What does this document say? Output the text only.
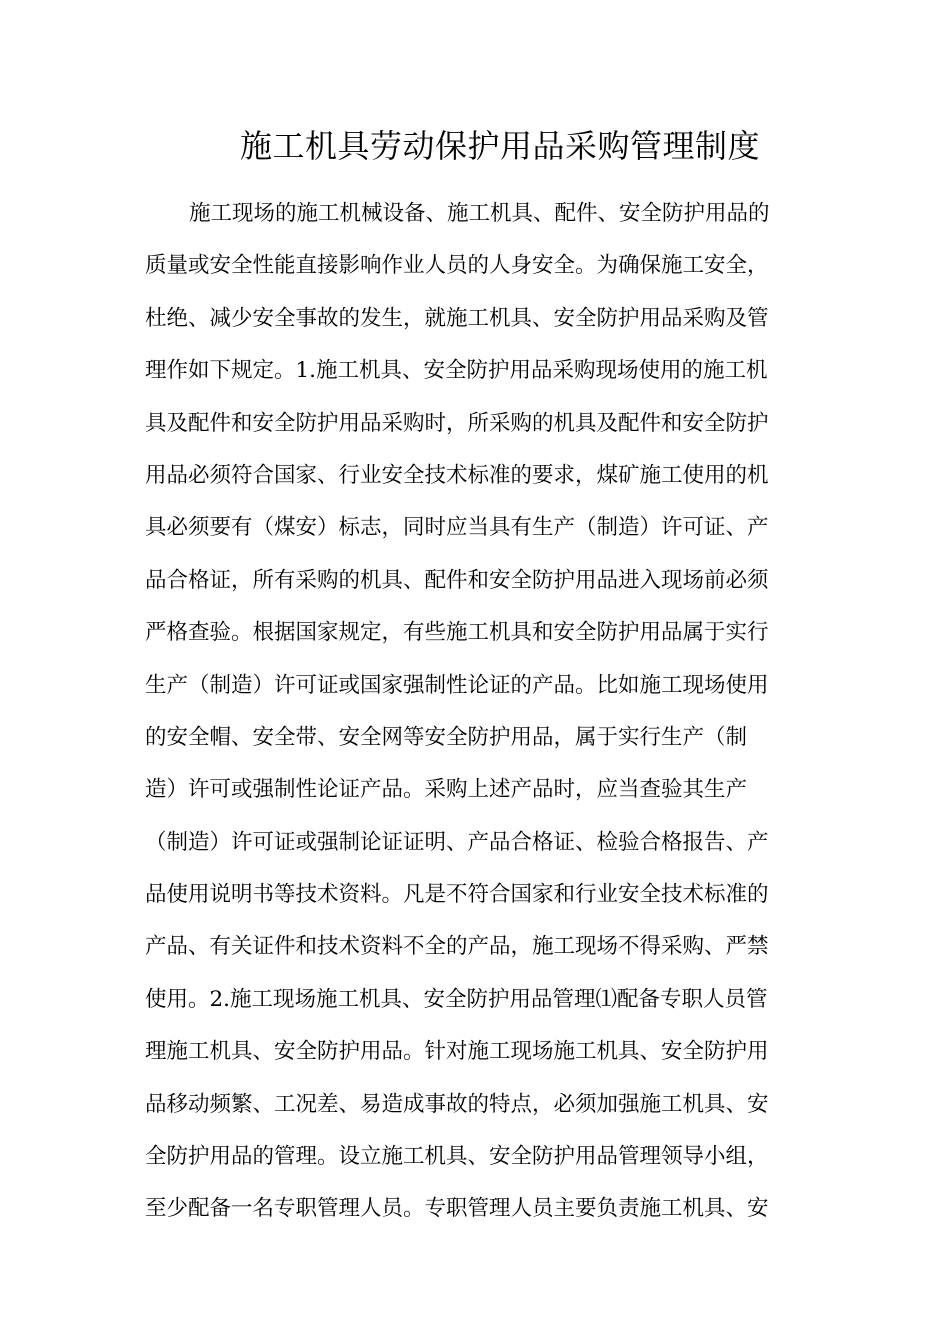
施工机具劳动保护用品采购管理制度
施工现场的施工机械设备、施工机具、配件、安全防护用品的
质量或安全性能直接影响作业人员的人身安全。为确保施工安全，
杜绝、减少安全事故的发生，就施工机具、安全防护用品采购及管
理作如下规定。1.施工机具、安全防护用品采购现场使用的施工机
具及配件和安全防护用品采购时，所采购的机具及配件和安全防护
用品必须符合国家、行业安全技术标准的要求，煤矿施工使用的机
具必须要有（煤安）标志，同时应当具有生产（制造）许可证、产
品合格证，所有采购的机具、配件和安全防护用品进入现场前必须
严格查验。根据国家规定，有些施工机具和安全防护用品属于实行
生产（制造）许可证或国家强制性论证的产品。比如施工现场使用
的安全帽、安全带、安全网等安全防护用品，属于实行生产（制
造）许可或强制性论证产品。采购上述产品时，应当查验其生产
（制造）许可证或强制论证证明、产品合格证、检验合格报告、产
品使用说明书等技术资料。凡是不符合国家和行业安全技术标准的
产品、有关证件和技术资料不全的产品，施工现场不得采购、严禁
使用。2.施工现场施工机具、安全防护用品管理⑴配备专职人员管
理施工机具、安全防护用品。针对施工现场施工机具、安全防护用
品移动频繁、工况差、易造成事故的特点，必须加强施工机具、安
全防护用品的管理。设立施工机具、安全防护用品管理领导小组，
至少配备一名专职管理人员。专职管理人员主要负责施工机具、安
